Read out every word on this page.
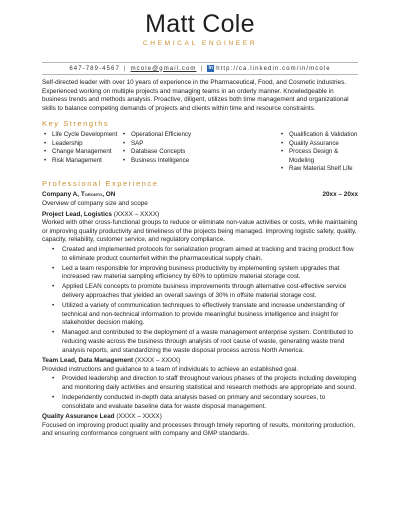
Matt Cole
CHEMICAL ENGINEER
647-789-4567 | mcole@gmail.com | in http://ca.linkedin.com/in/mcole
Self-directed leader with over 10 years of experience in the Pharmaceutical, Food, and Cosmetic industries. Experienced working on multiple projects and managing teams in an orderly manner. Knowledgeable in business trends and methods analysis. Proactive, diligent, utilizes both time management and organizational skills to balance competing demands of projects and clients within time and resource constraints.
Key Strengths
• Life Cycle Development
• Leadership
• Change Management
• Risk Management
• Operational Efficiency
• SAP
• Database Concepts
• Business Intelligence
• Qualification & Validation
• Quality Assurance
• Process Design & Modeling
• Raw Material Shelf Life
Professional Experience
Company A, Toronto, ON	20xx – 20xx
Overview of company size and scope
Project Lead, Logistics (XXXX – XXXX)
Worked with other cross-functional groups to reduce or eliminate non-value activities or costs, while maintaining or improving quality productivity and timeliness of the projects being managed. Improving logistic safety, quality, capacity, reliability, customer service, and regulatory compliance.
• Created and implemented protocols for serialization program aimed at tracking and tracing product flow to eliminate product counterfeit within the pharmaceutical supply chain.
• Led a team responsible for improving business productivity by implementing system upgrades that increased raw material sampling efficiency by 60% to optimize material storage cost.
• Applied LEAN concepts to promote business improvements through alternative cost-effective service delivery approaches that yielded an overall savings of 30% in offsite material storage cost.
• Utilized a variety of communication techniques to effectively translate and increase understanding of technical and non-technical information to provide meaningful business intelligence and insight for stakeholder decision making.
• Managed and contributed to the deployment of a waste management enterprise system. Contributed to reducing waste across the business through analysis of root cause of waste, generating waste trend analysis reports, and standardizing the waste disposal process across North America.
Team Lead, Data Management (XXXX – XXXX)
Provided instructions and guidance to a team of individuals to achieve an established goal.
• Provided leadership and direction to staff throughout various phases of the projects including developing and monitoring daily activities and ensuring statistical and research methods are appropriate and sound.
• Independently conducted in-depth data analysis based on primary and secondary sources, to consolidate and evaluate baseline data for waste disposal management.
Quality Assurance Lead (XXXX – XXXX)
Focused on improving product quality and processes through timely reporting of results, monitoring production, and ensuring conformance congruent with company and GMP standards.
